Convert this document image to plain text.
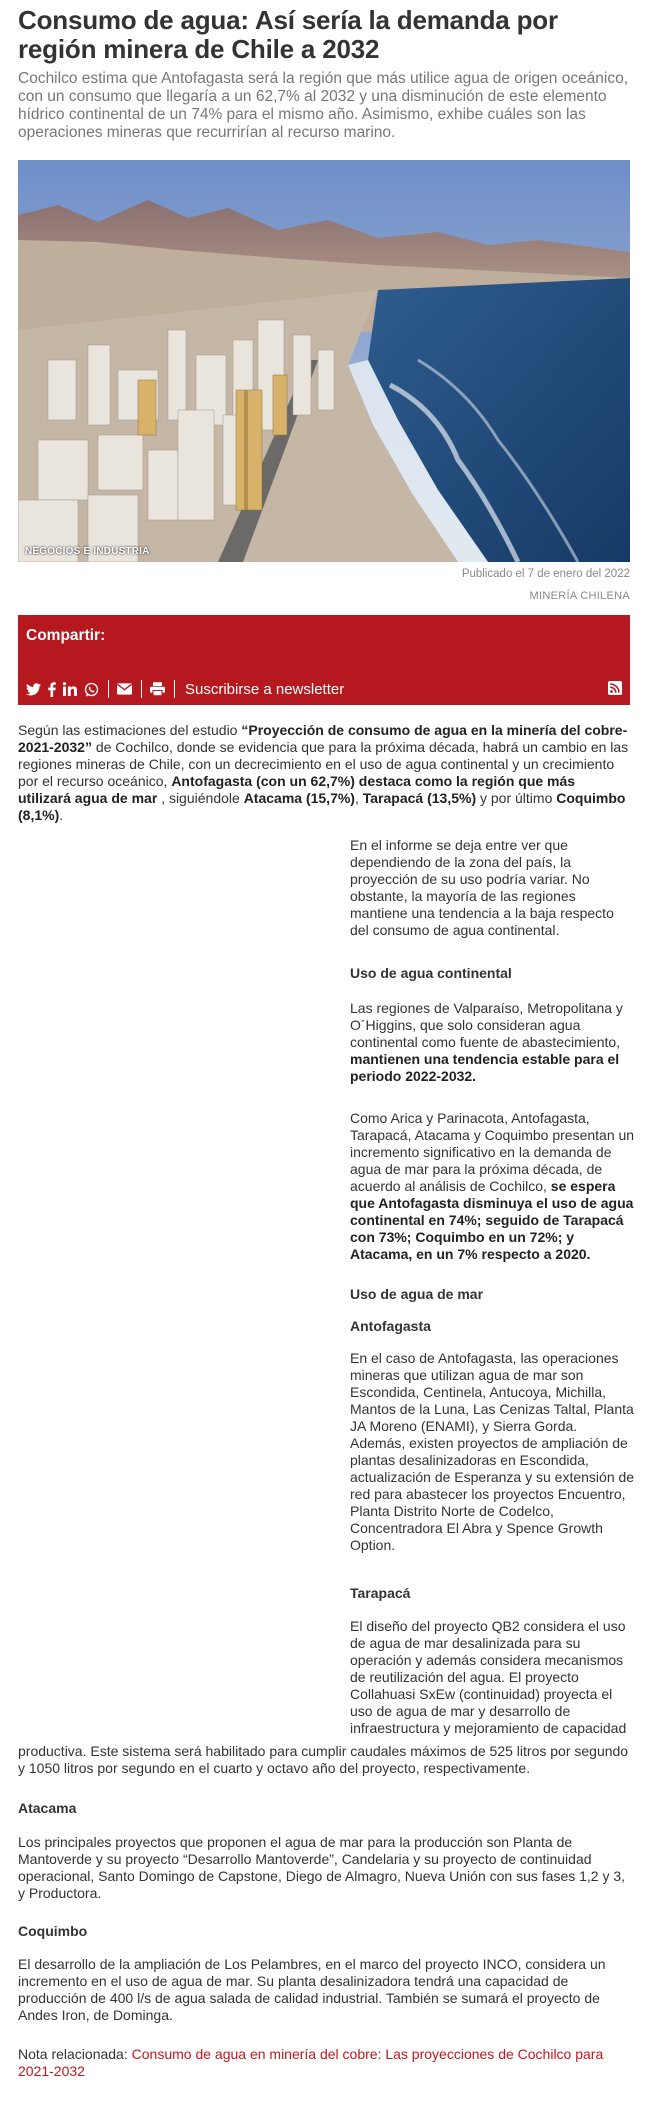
Consumo de agua: Así sería la demanda por región minera de Chile a 2032

Cochilco estima que Antofagasta será la región que más utilice agua de origen oceánico, con un consumo que llegaría a un 62,7% al 2032 y una disminución de este elemento hídrico continental de un 74% para el mismo año. Asimismo, exhibe cuáles son las operaciones mineras que recurrirían al recurso marino.

NEGOCIOS E INDUSTRIA
Publicado el 7 de enero del 2022
MINERÍA CHILENA
Compartir:
Suscribirse a newsletter

Según las estimaciones del estudio “Proyección de consumo de agua en la minería del cobre-2021-2032” de Cochilco, donde se evidencia que para la próxima década, habrá un cambio en las regiones mineras de Chile, con un decrecimiento en el uso de agua continental y un crecimiento por el recurso oceánico, Antofagasta (con un 62,7%) destaca como la región que más utilizará agua de mar , siguiéndole Atacama (15,7%), Tarapacá (13,5%) y por último Coquimbo (8,1%).

En el informe se deja entre ver que dependiendo de la zona del país, la proyección de su uso podría variar. No obstante, la mayoría de las regiones mantiene una tendencia a la baja respecto del consumo de agua continental.

Uso de agua continental

Las regiones de Valparaíso, Metropolitana y O´Higgins, que solo consideran agua continental como fuente de abastecimiento, mantienen una tendencia estable para el periodo 2022-2032.

Como Arica y Parinacota, Antofagasta, Tarapacá, Atacama y Coquimbo presentan un incremento significativo en la demanda de agua de mar para la próxima década, de acuerdo al análisis de Cochilco, se espera que Antofagasta disminuya el uso de agua continental en 74%; seguido de Tarapacá con 73%; Coquimbo en un 72%; y Atacama, en un 7% respecto a 2020.

Uso de agua de mar

Antofagasta

En el caso de Antofagasta, las operaciones mineras que utilizan agua de mar son Escondida, Centinela, Antucoya, Michilla, Mantos de la Luna, Las Cenizas Taltal, Planta JA Moreno (ENAMI), y Sierra Gorda. Además, existen proyectos de ampliación de plantas desalinizadoras en Escondida, actualización de Esperanza y su extensión de red para abastecer los proyectos Encuentro, Planta Distrito Norte de Codelco, Concentradora El Abra y Spence Growth Option.

Tarapacá

El diseño del proyecto QB2 considera el uso de agua de mar desalinizada para su operación y además considera mecanismos de reutilización del agua. El proyecto Collahuasi SxEw (continuidad) proyecta el uso de agua de mar y desarrollo de infraestructura y mejoramiento de capacidad

productiva. Este sistema será habilitado para cumplir caudales máximos de 525 litros por segundo y 1050 litros por segundo en el cuarto y octavo año del proyecto, respectivamente.

Atacama

Los principales proyectos que proponen el agua de mar para la producción son Planta de Mantoverde y su proyecto “Desarrollo Mantoverde”, Candelaria y su proyecto de continuidad operacional, Santo Domingo de Capstone, Diego de Almagro, Nueva Unión con sus fases 1,2 y 3, y Productora.

Coquimbo

El desarrollo de la ampliación de Los Pelambres, en el marco del proyecto INCO, considera un incremento en el uso de agua de mar. Su planta desalinizadora tendrá una capacidad de producción de 400 l/s de agua salada de calidad industrial. También se sumará el proyecto de Andes Iron, de Dominga.

Nota relacionada: Consumo de agua en minería del cobre: Las proyecciones de Cochilco para 2021-2032
